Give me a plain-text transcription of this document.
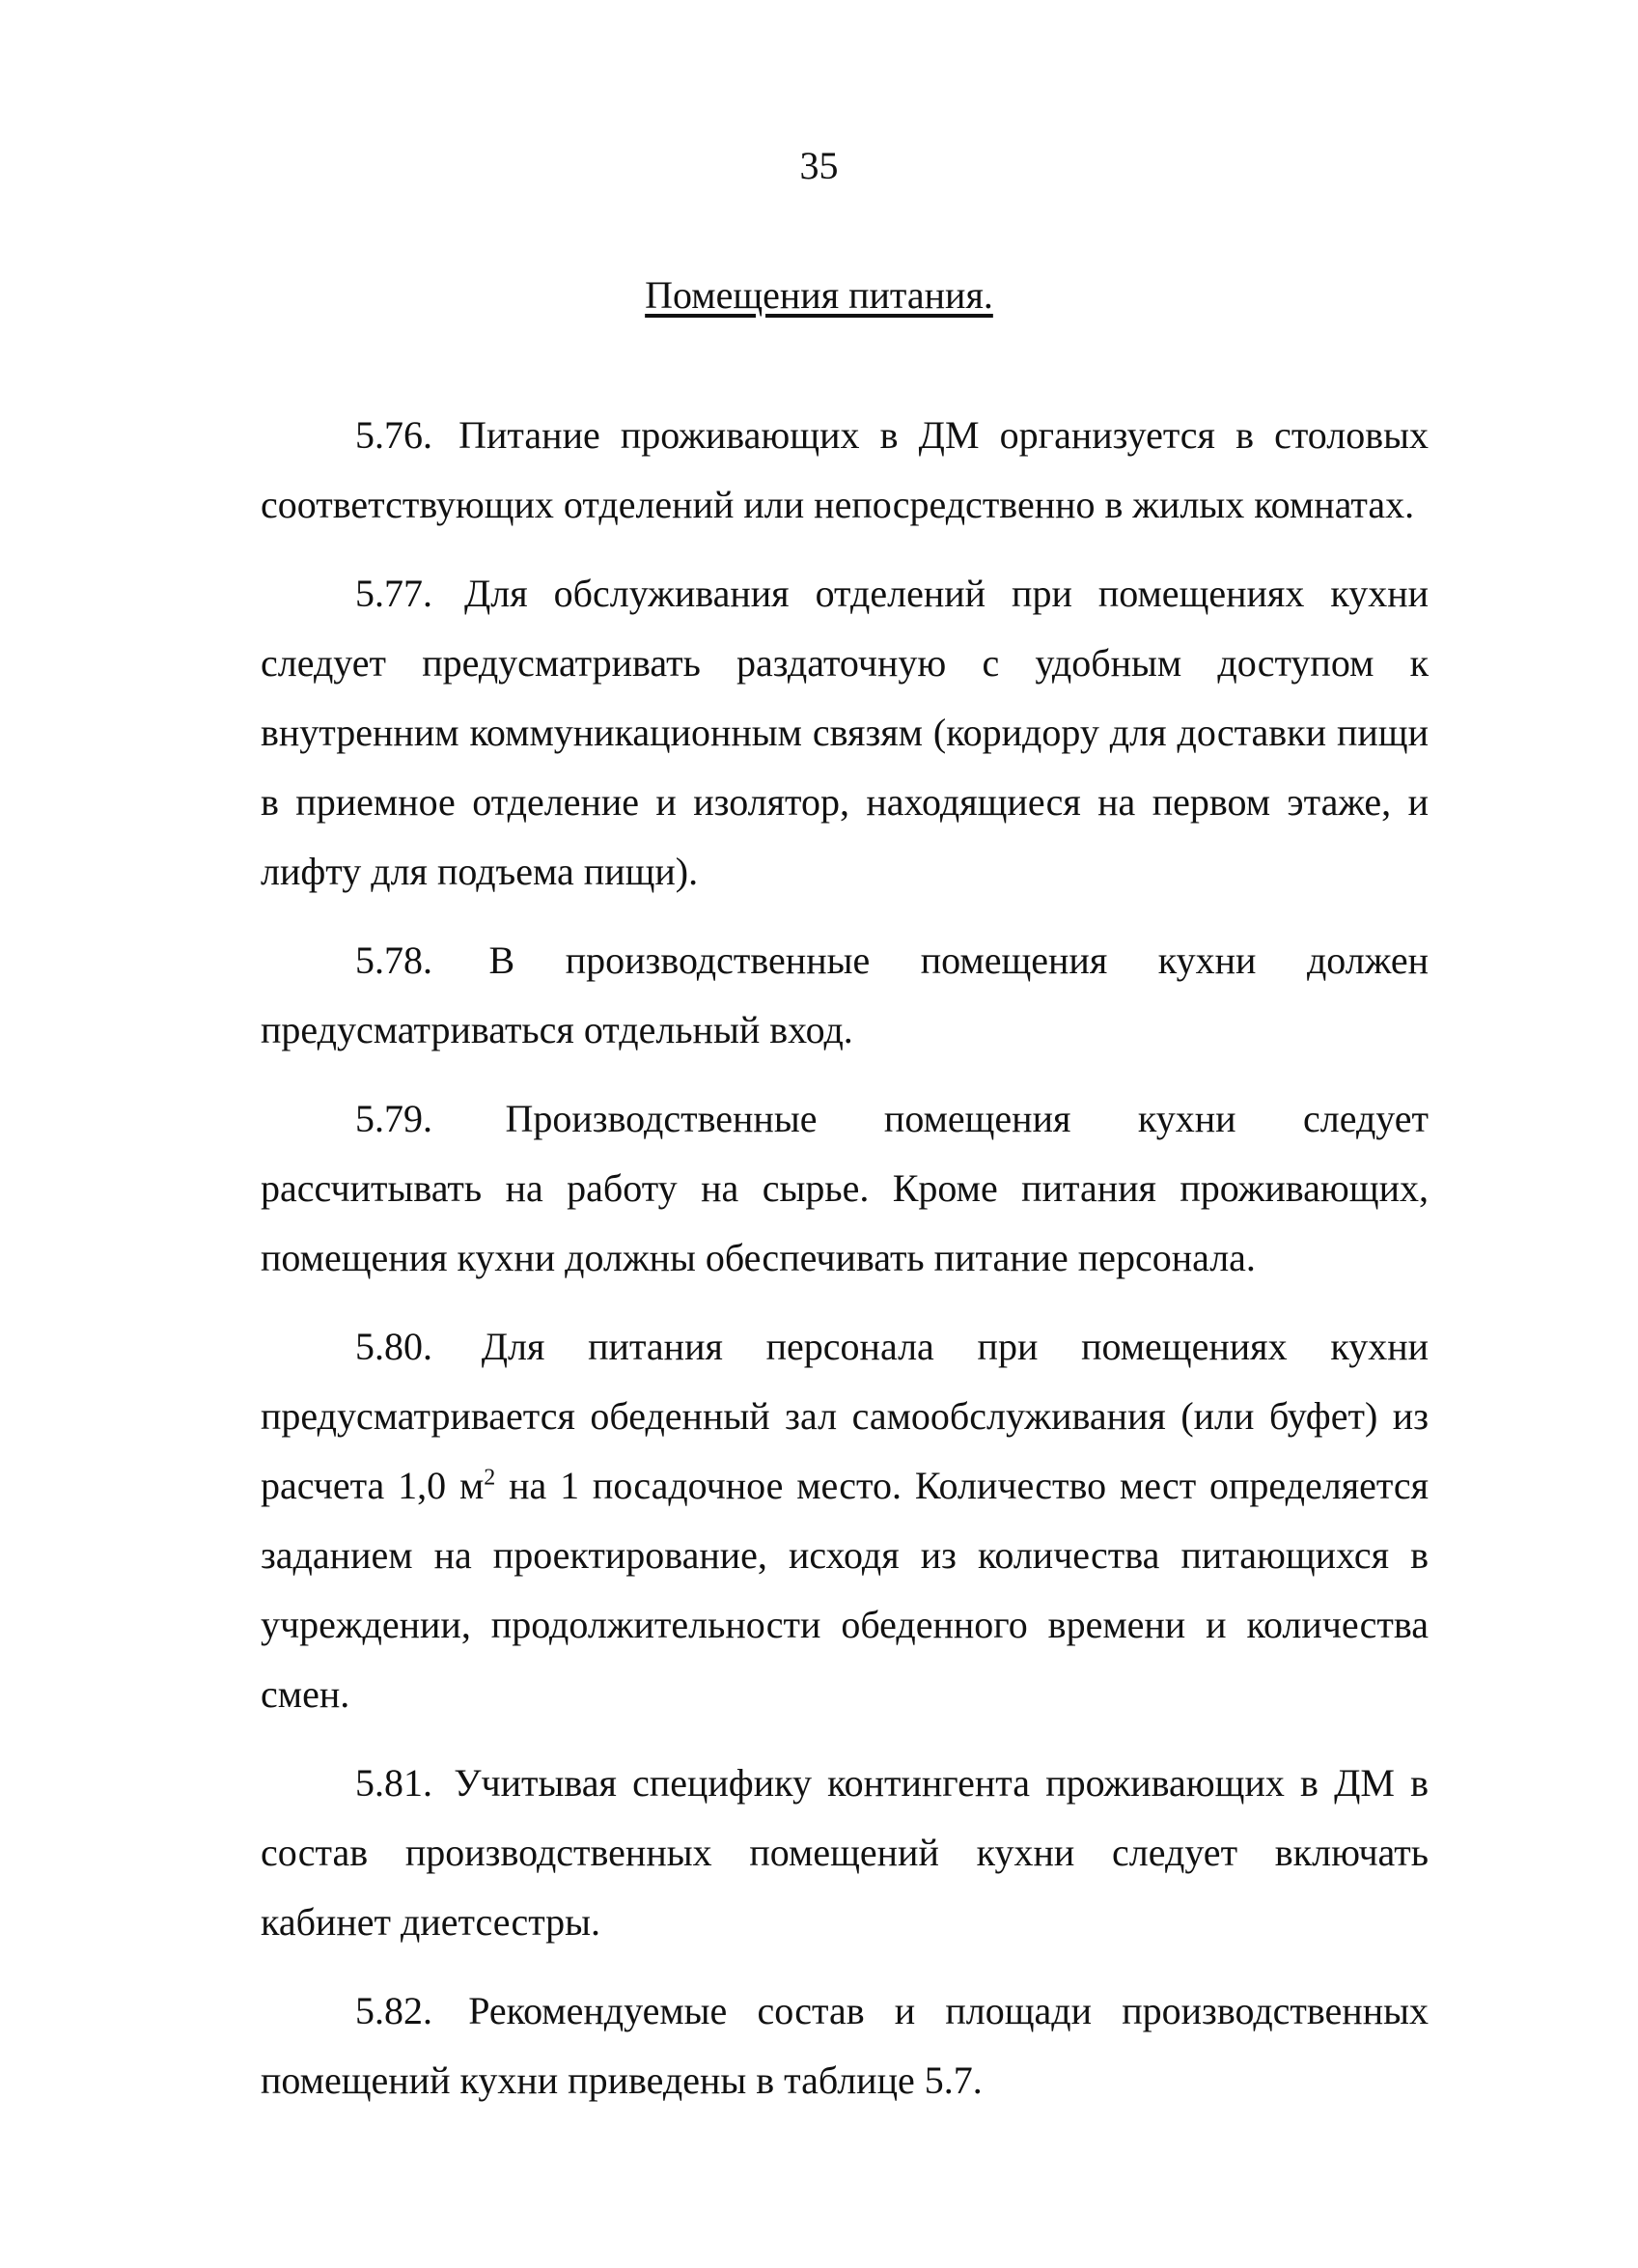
35
Помещения питания.

5.76. Питание проживающих в ДМ организуется в столовых соответствующих отделений или непосредственно в жилых комнатах.

5.77. Для обслуживания отделений при помещениях кухни следует предусматривать раздаточную с удобным доступом к внутренним коммуникационным связям (коридору для доставки пищи в приемное отделение и изолятор, находящиеся на первом этаже, и лифту для подъема пищи).

5.78. В производственные помещения кухни должен предусматриваться отдельный вход.

5.79. Производственные помещения кухни следует рассчитывать на работу на сырье. Кроме питания проживающих, помещения кухни должны обеспечивать питание персонала.

5.80. Для питания персонала при помещениях кухни предусматривается обеденный зал самообслуживания (или буфет) из расчета 1,0 $м^2$ на 1 посадочное место. Количество мест определяется заданием на проектирование, исходя из количества питающихся в учреждении, продолжительности обеденного времени и количества смен.

5.81. Учитывая специфику контингента проживающих в ДМ в состав производственных помещений кухни следует включать кабинет диетсестры.

5.82. Рекомендуемые состав и площади производственных помещений кухни приведены в таблице 5.7.
